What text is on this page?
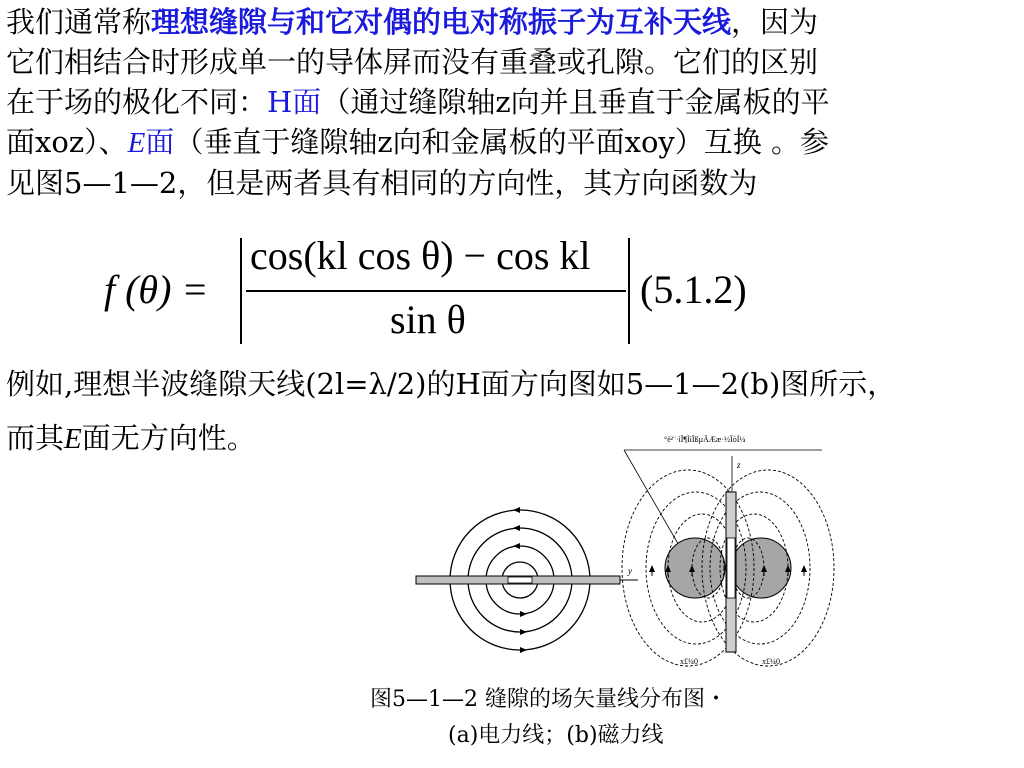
我们通常称理想缝隙与和它对偶的电对称振子为互补天线，因为
它们相结合时形成单一的导体屏而没有重叠或孔隙。它们的区别
在于场的极化不同：H面（通过缝隙轴z向并且垂直于金属板的平
面xoz）、E面（垂直于缝隙轴z向和金属板的平面xoy）互换 。参
见图5—1—2，但是两者具有相同的方向性，其方向函数为
f (θ) =
cos(kl cos θ) − cos kl
sin θ
(5.1.2)
例如,理想半波缝隙天线(2l=λ/2)的H面方向图如5—1—2(b)图所示，
而其E面无方向性。
y
°ë²¨·ìÏ¶ÌìÏßµÄÆæ·½ÏòÍ¼
z
x£¼0	x£¼0
图5—1—2 缝隙的场矢量线分布图・
(a)电力线；(b)磁力线
